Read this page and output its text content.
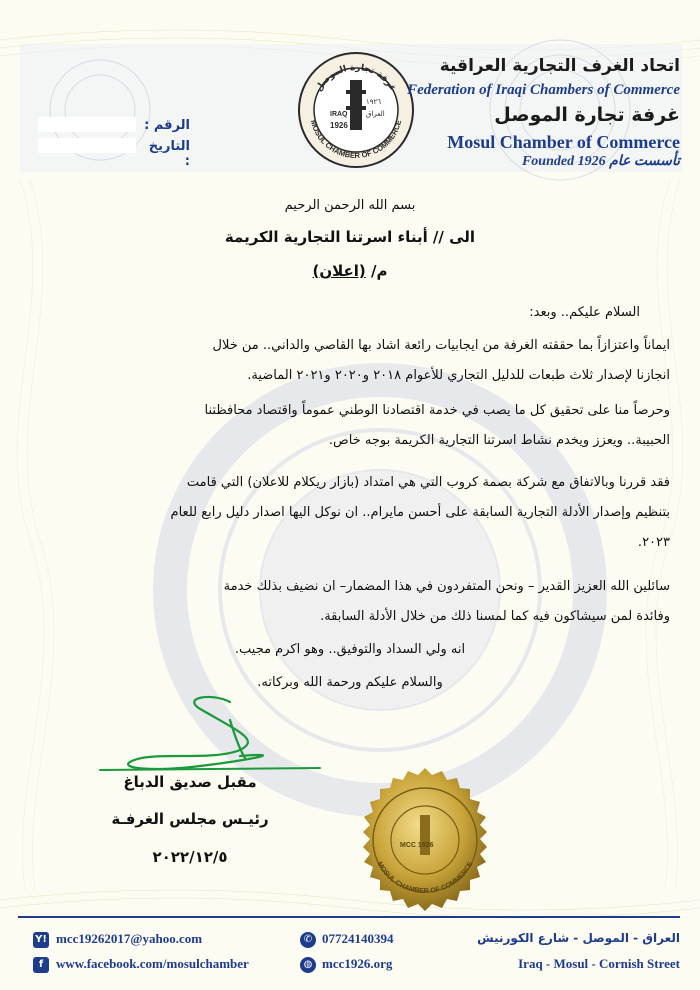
IRAQ
1926
١٩٢٦
العراق
غرفة تجارة الموصل
MOSUL CHAMBER OF COMMERCE
اتحاد الغرف التجارية العراقية
Federation of Iraqi Chambers of Commerce
غرفة تجارة الموصل
Mosul Chamber of Commerce
Founded 1926 تأسست عام
الرقم :
التاريخ :
بسم الله الرحمن الرحيم
الى // أبناء اسرتنا التجارية الكريمة
م/ (اعلان)
السلام عليكم.. وبعد:
ايماناً واعتزازاً بما حققته الغرفة من ايجابيات رائعة اشاد بها القاصي والداني.. من خلال
انجازنا لإصدار ثلاث طبعات للدليل التجاري للأعوام ٢٠١٨ و٢٠٢٠ و٢٠٢١ الماضية.
وحرصاً منا على تحقيق كل ما يصب في خدمة اقتصادنا الوطني عموماً واقتصاد محافظتنا
الحبيبة.. ويعزز ويخدم نشاط اسرتنا التجارية الكريمة بوجه خاص.
فقد قررنا وبالاتفاق مع شركة بصمة كروب التي هي امتداد (بازار ريكلام للاعلان) التي قامت
بتنظيم وإصدار الأدلة التجارية السابقة على أحسن مايرام.. ان نوكل اليها اصدار دليل رابع للعام
٢٠٢٣.
سائلين الله العزيز القدير – ونحن المتفردون في هذا المضمار– ان نضيف بذلك خدمة
وفائدة لمن سيشاكون فيه كما لمسنا ذلك من خلال الأدلة السابقة.
انه ولي السداد والتوفيق.. وهو اكرم مجيب.
والسلام عليكم ورحمة الله وبركاته.
مقبل صديق الدباغ
رئيـس مجلس الغرفـة
٢٠٢٢/١٢/٥
MCC 1926
MOSUL CHAMBER OF COMMERCE
Y! mcc19262017@yahoo.com
f www.facebook.com/mosulchamber
✆ 07724140394
◍ mcc1926.org
العراق - الموصل - شارع الكورنيش
Iraq - Mosul - Cornish Street
